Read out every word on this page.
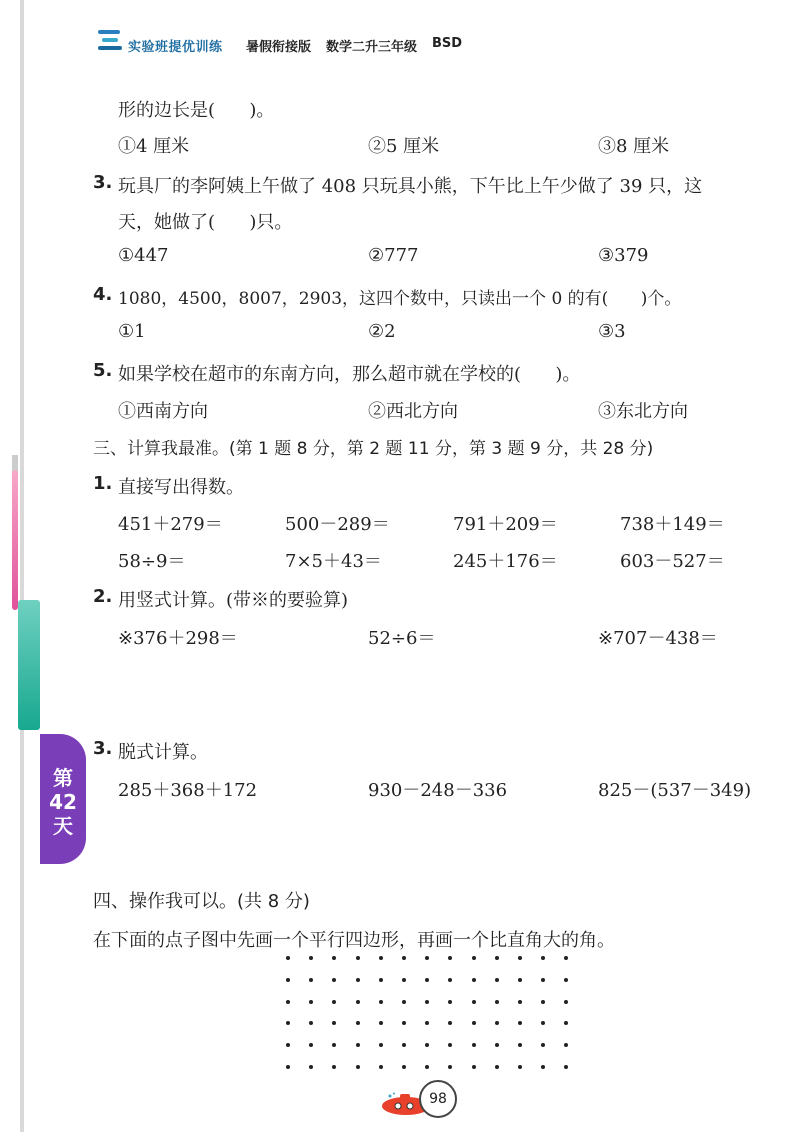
第
42
天
实验班提优训练 暑假衔接版 数学二升三年级 BSD
形的边长是(      )。
①4 厘米	②5 厘米	③8 厘米
3. 玩具厂的李阿姨上午做了 408 只玩具小熊，下午比上午少做了 39 只，这
天，她做了(      )只。
①447	②777	③379
4. 1080，4500，8007，2903，这四个数中，只读出一个 0 的有(      )个。
①1	②2	③3
5. 如果学校在超市的东南方向，那么超市就在学校的(      )。
①西南方向	②西北方向	③东北方向
三、计算我最准。(第 1 题 8 分，第 2 题 11 分，第 3 题 9 分，共 28 分)
1. 直接写出得数。
451＋279＝	500－289＝	791＋209＝	738＋149＝
58÷9＝	7×5＋43＝	245＋176＝	603－527＝
2. 用竖式计算。(带※的要验算)
※376＋298＝	52÷6＝	※707－438＝
3. 脱式计算。
285＋368＋172	930－248－336	825－(537－349)
四、操作我可以。(共 8 分)
在下面的点子图中先画一个平行四边形，再画一个比直角大的角。
98
